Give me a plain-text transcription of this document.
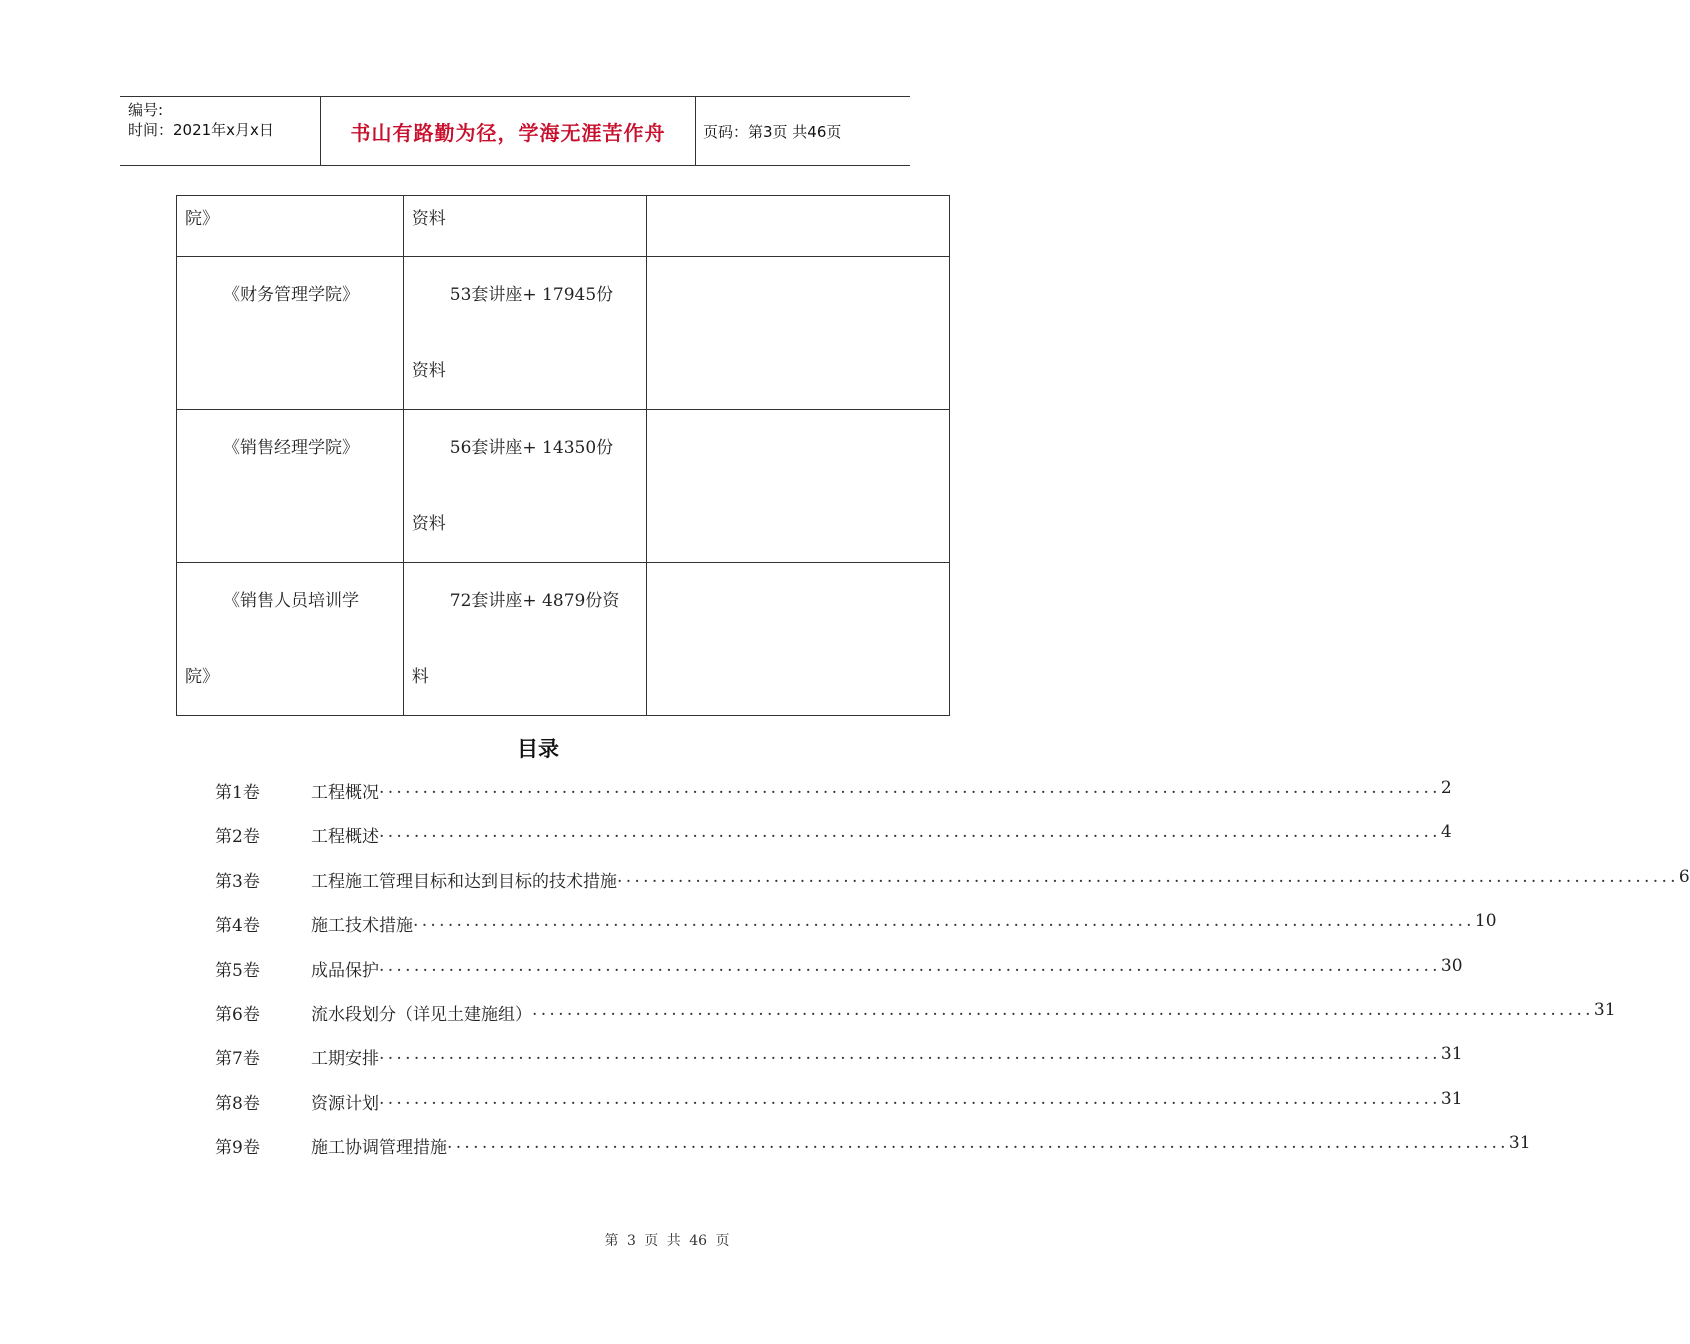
编号:
时间：2021年x月x日	书山有路勤为径，学海无涯苦作舟	页码：第3页 共46页
院》	资料	

《财务管理学院》	53套讲座+ 17945份
资料	

《销售经理学院》	56套讲座+ 14350份
资料	

《销售人员培训学
院》	72套讲座+ 4879份资
料	

目录
第1卷	工程概况 .......................................................................................................................... 2
第2卷	工程概述 .......................................................................................................................... 4
第3卷	工程施工管理目标和达到目标的技术措施 .......................................................................................................................... 6
第4卷	施工技术措施 .......................................................................................................................... 10
第5卷	成品保护 .......................................................................................................................... 30
第6卷	流水段划分（详见土建施组） .......................................................................................................................... 31
第7卷	工期安排 .......................................................................................................................... 31
第8卷	资源计划 .......................................................................................................................... 31
第9卷	施工协调管理措施 .......................................................................................................................... 31
第 3 页 共 46 页
